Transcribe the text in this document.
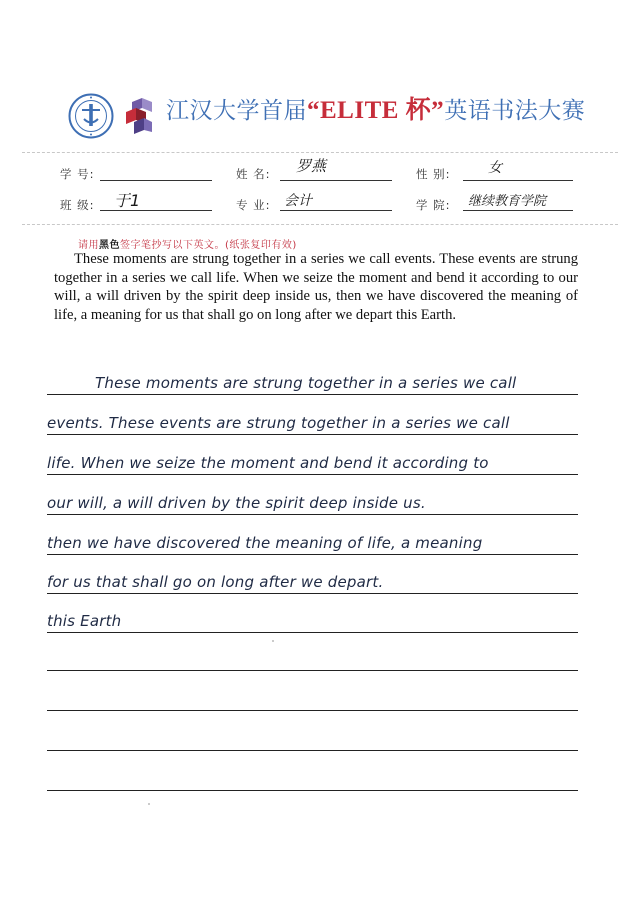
江汉大学首届“ELITE 杯”英语书法大赛
学 号:	姓 名: 罗燕	性 别:	女
班 级: 于1	专 业: 会计	学 院: 继续教育学院
请用黑色签字笔抄写以下英文。(纸张复印有效)
These moments are strung together in a series we call events. These events are strung together in a series we call life. When we seize the moment and bend it according to our will, a will driven by the spirit deep inside us, then we have discovered the meaning of life, a meaning for us that shall go on long after we depart this Earth.
These moments are strung together in a series we call
events. These events are strung together in a series we call
life. When we seize the moment and bend it according to
our will, a will driven by the spirit deep inside us.
then we have discovered the meaning of life, a meaning
for us that shall go on long after we depart.
this Earth
